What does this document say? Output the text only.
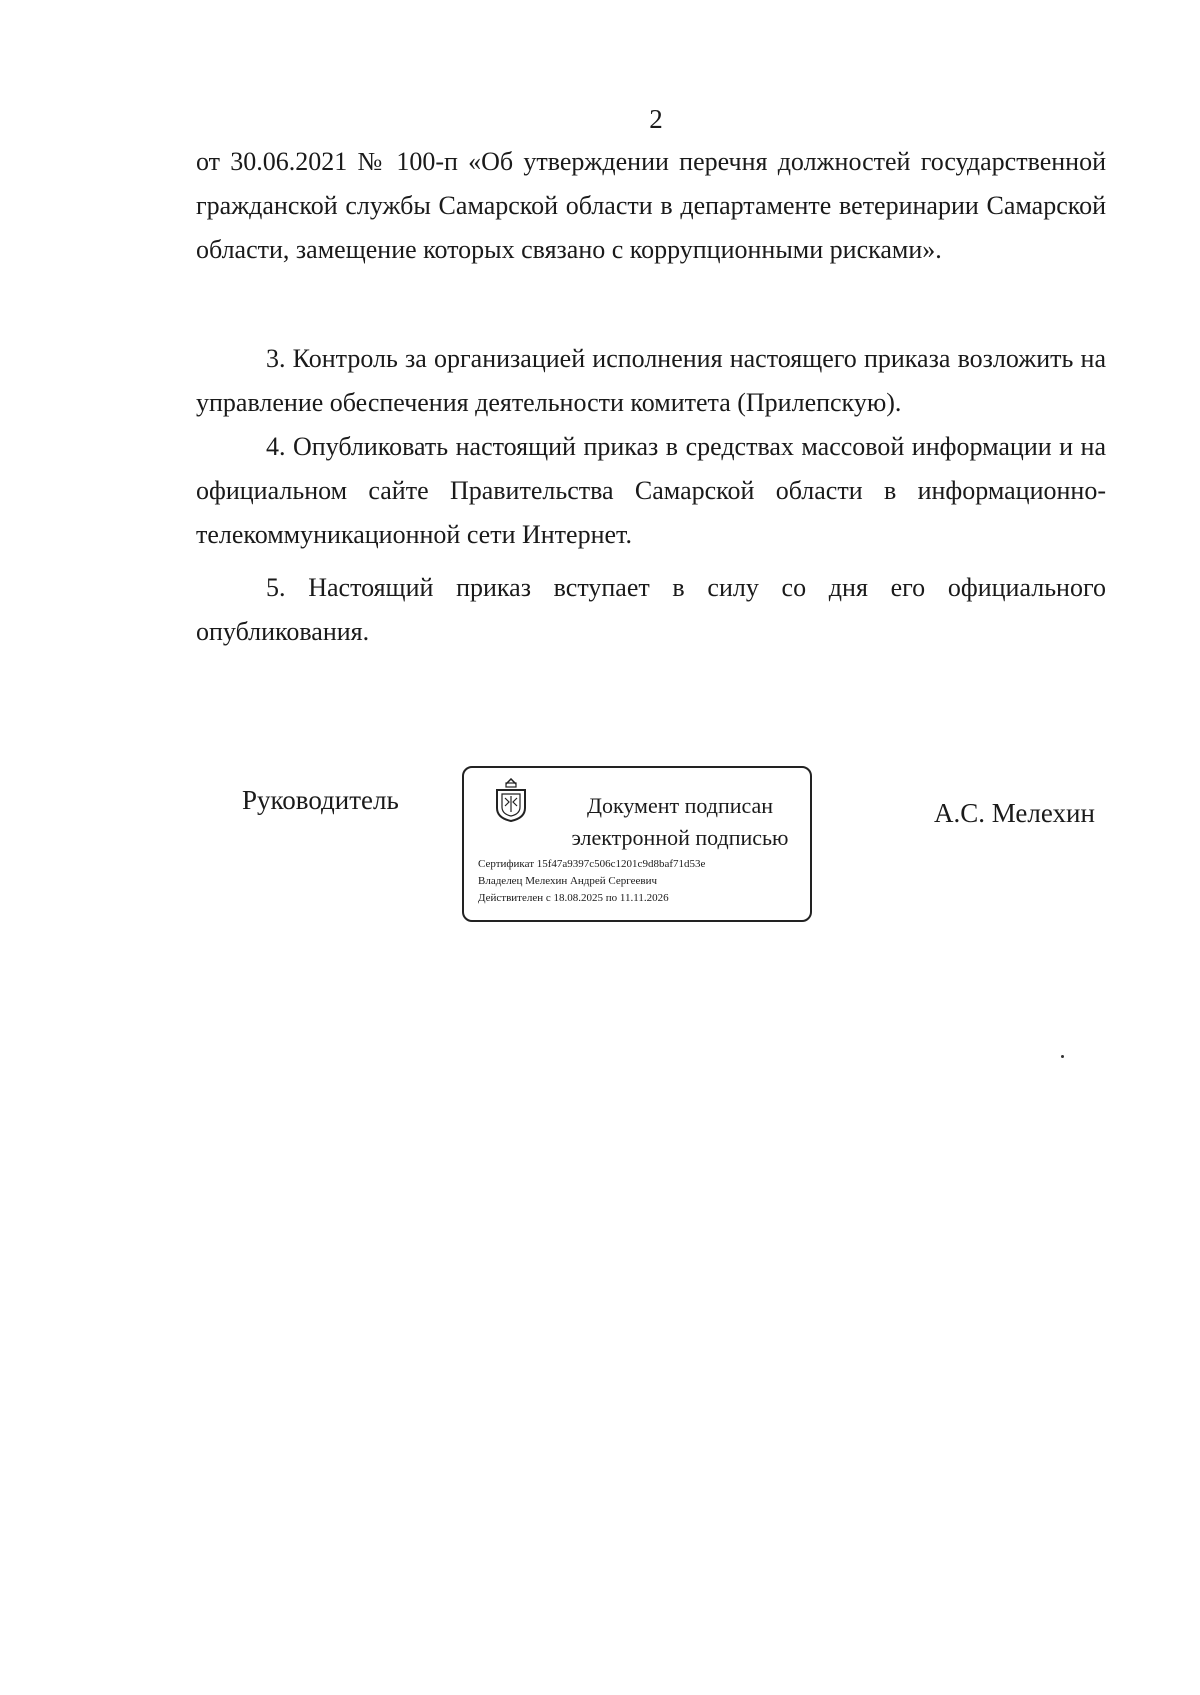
2

от 30.06.2021 № 100-п «Об утверждении перечня должностей государственной гражданской службы Самарской области в департаменте ветеринарии Самарской области, замещение которых связано с коррупционными рисками».

3. Контроль за организацией исполнения настоящего приказа возложить на управление обеспечения деятельности комитета (Прилепскую).

4. Опубликовать настоящий приказ в средствах массовой информации и на официальном сайте Правительства Самарской области в информационно-телекоммуникационной сети Интернет.

5. Настоящий приказ вступает в силу со дня его официального опубликования.

Руководитель	Документ подписан электронной подписью
Сертификат 15f47a9397c506c1201c9d8baf71d53e
Владелец Мелехин Андрей Сергеевич
Действителен с 18.08.2025 по 11.11.2026
А.С. Мелехин
